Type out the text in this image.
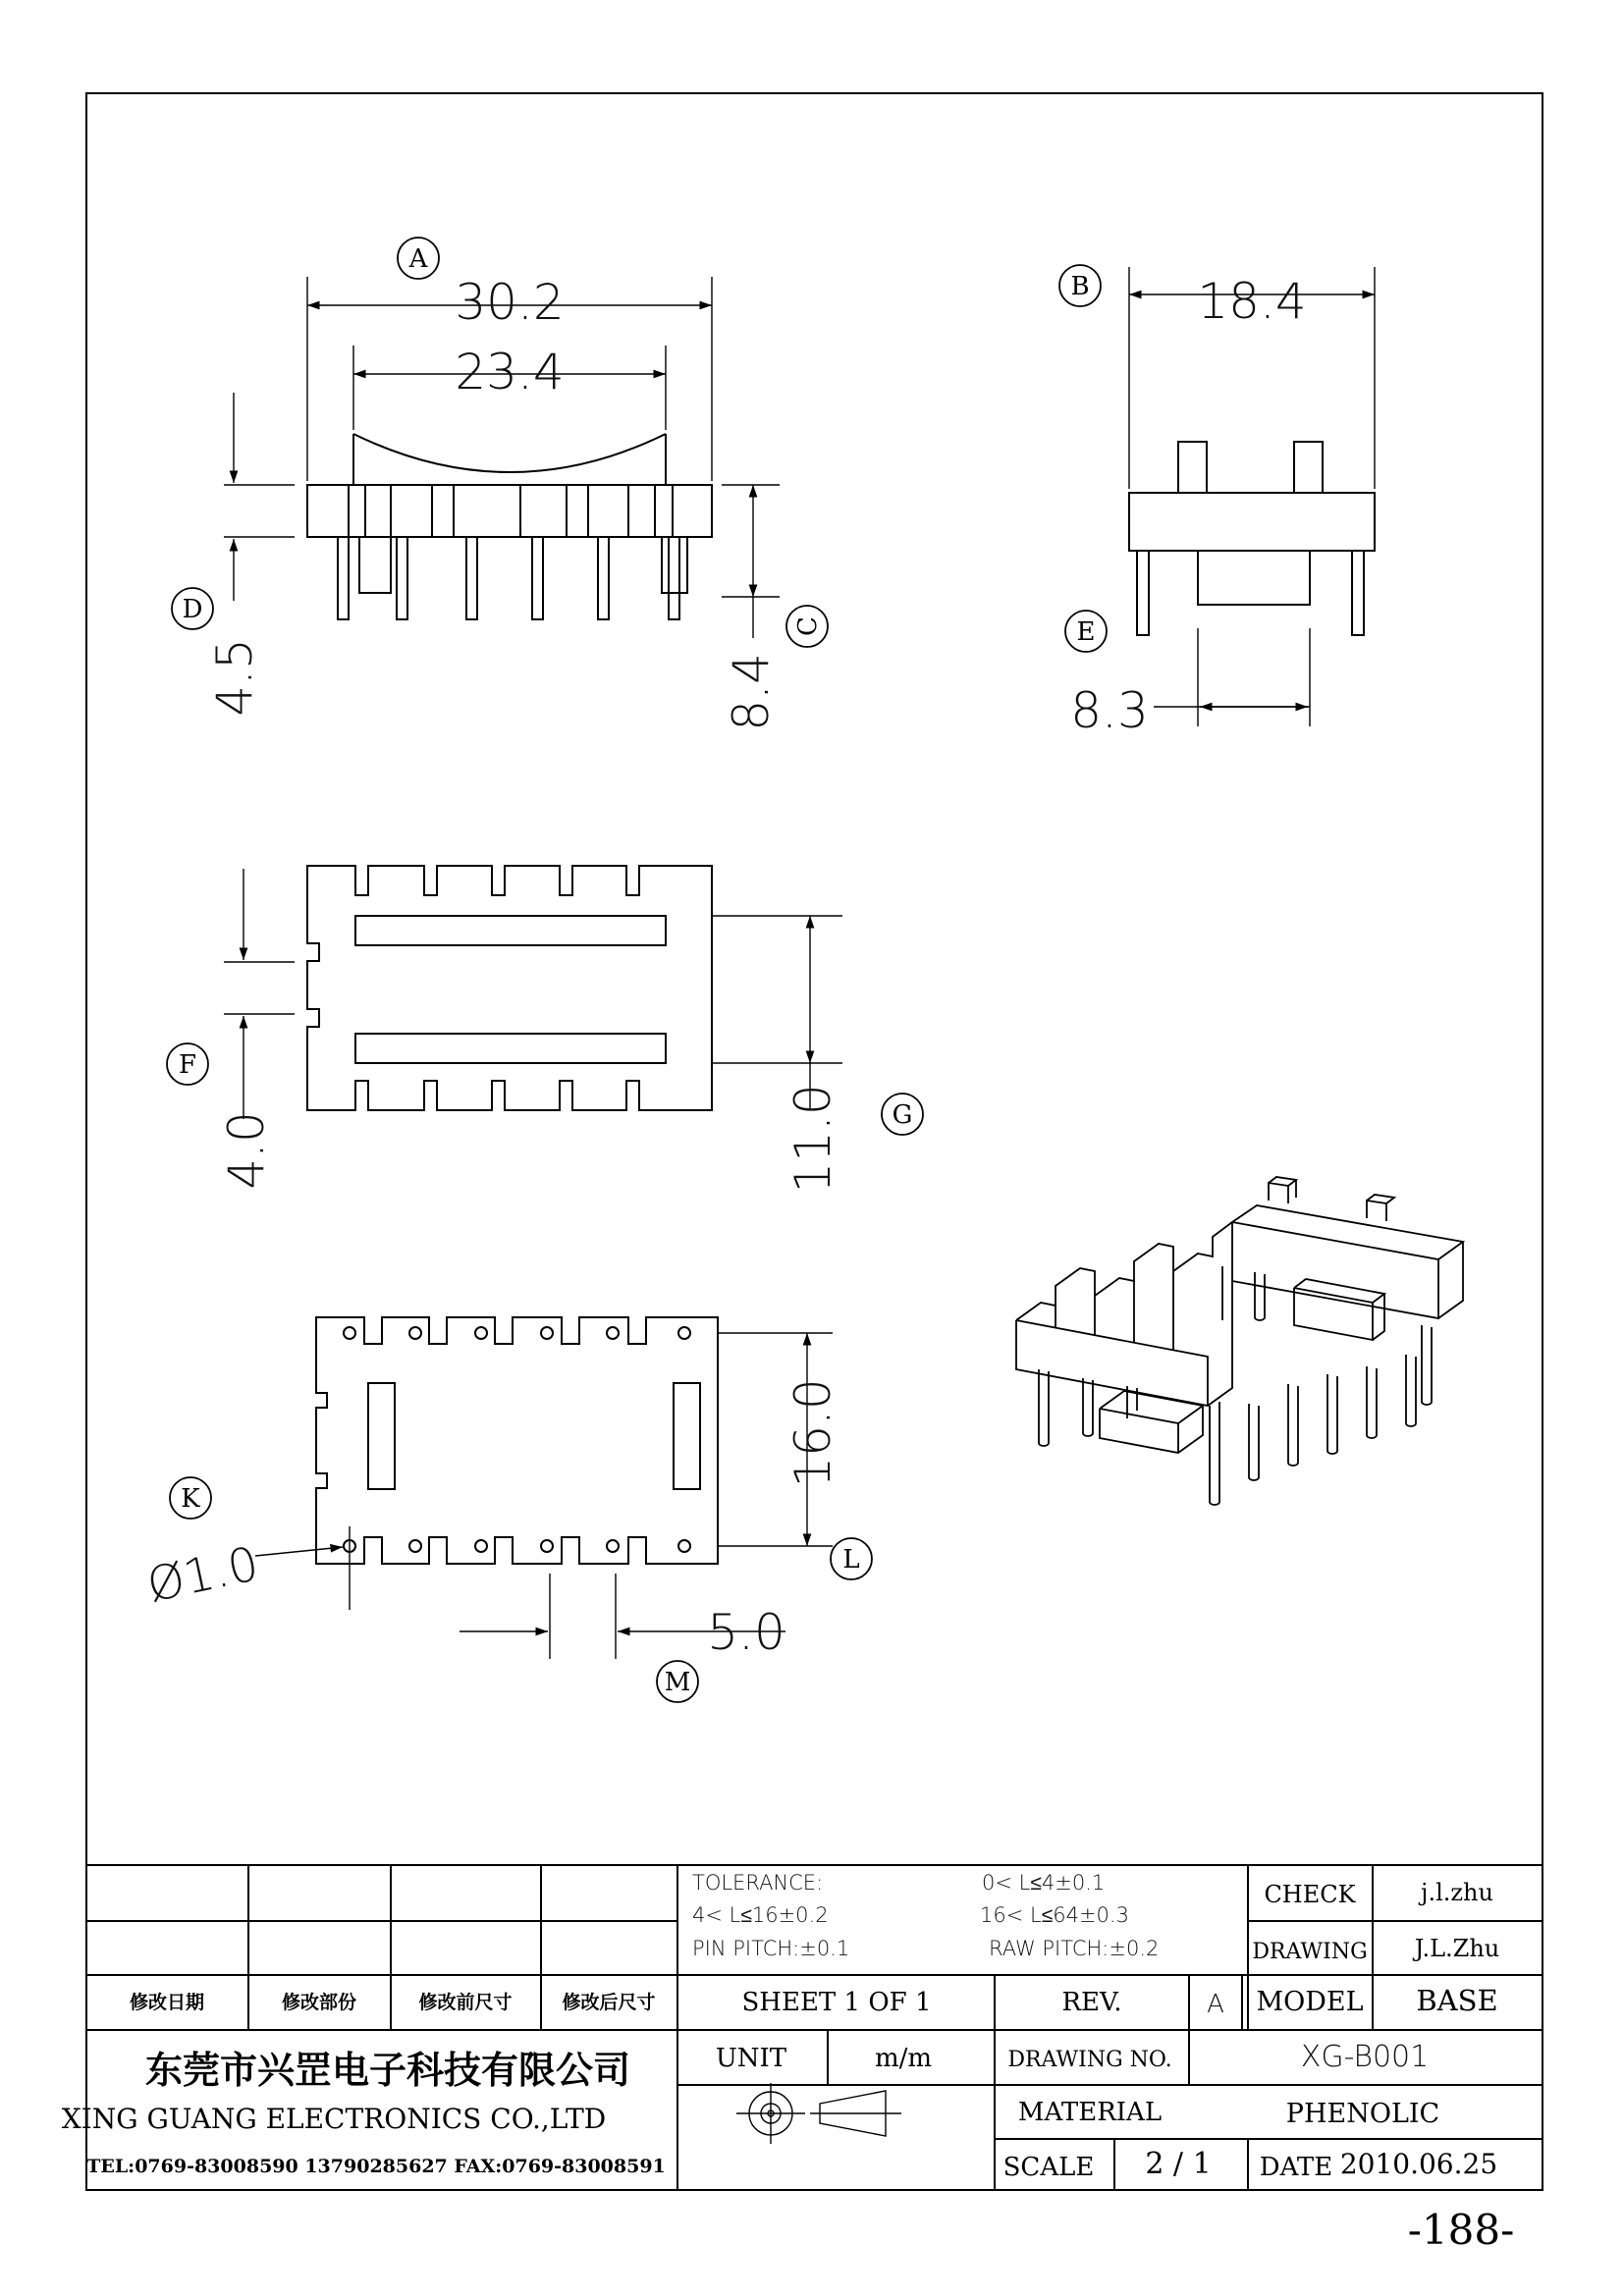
A
30.2
23.4
D
4.5
C
8.4
B 18.4
E
8.3
F
4.0	G
11.0
K
Ø1.0	L
16.0
M
5.0
TOLERANCE:	0< L≤4±0.1
4< L≤16±0.2	16< L≤64±0.3
PIN PITCH:±0.1	RAW PITCH:±0.2
CHECK	j.l.zhu
DRAWING J.L.Zhu
修改日期	修改部份	修改前尺寸	修改后尺寸	SHEET 1 OF 1	REV.	A MODEL BASE
东莞市兴罡电子科技有限公司
XING GUANG ELECTRONICS CO.,LTD
TEL:0769-83008590 13790285627 FAX:0769-83008591
UNIT	m/m	DRAWING NO.	XG-B001
MATERIAL	PHENOLIC
SCALE 2 / 1 DATE 2010.06.25
-188-
